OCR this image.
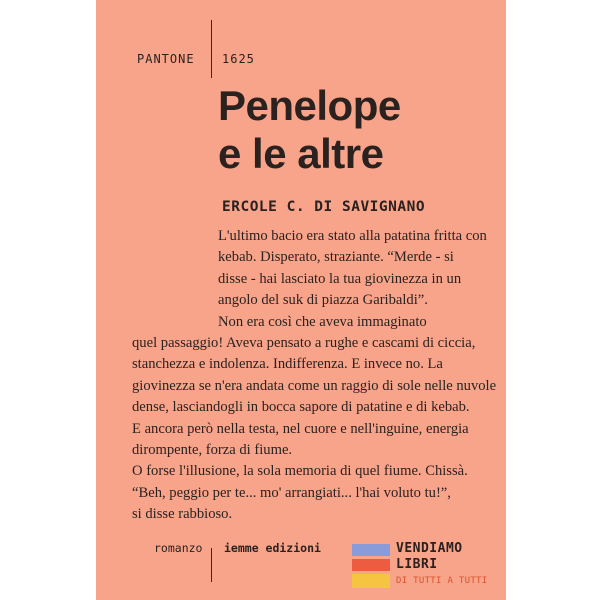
PANTONE 1625
Penelope
e le altre
ERCOLE C. DI SAVIGNANO
L'ultimo bacio era stato alla patatina fritta con
kebab. Disperato, straziante. “Merde - si
disse - hai lasciato la tua giovinezza in un
angolo del suk di piazza Garibaldi”.
Non era così che aveva immaginato
quel passaggio! Aveva pensato a rughe e cascami di ciccia,
stanchezza e indolenza. Indifferenza. E invece no. La
giovinezza se n'era andata come un raggio di sole nelle nuvole
dense, lasciandogli in bocca sapore di patatine e di kebab.
E ancora però nella testa, nel cuore e nell'inguine, energia
dirompente, forza di fiume.
O forse l'illusione, la sola memoria di quel fiume. Chissà.
“Beh, peggio per te... mo' arrangiati... l'hai voluto tu!”,
si disse rabbioso.
romanzo iemme edizioni	VENDIAMO
LIBRI
DI TUTTI A TUTTI
